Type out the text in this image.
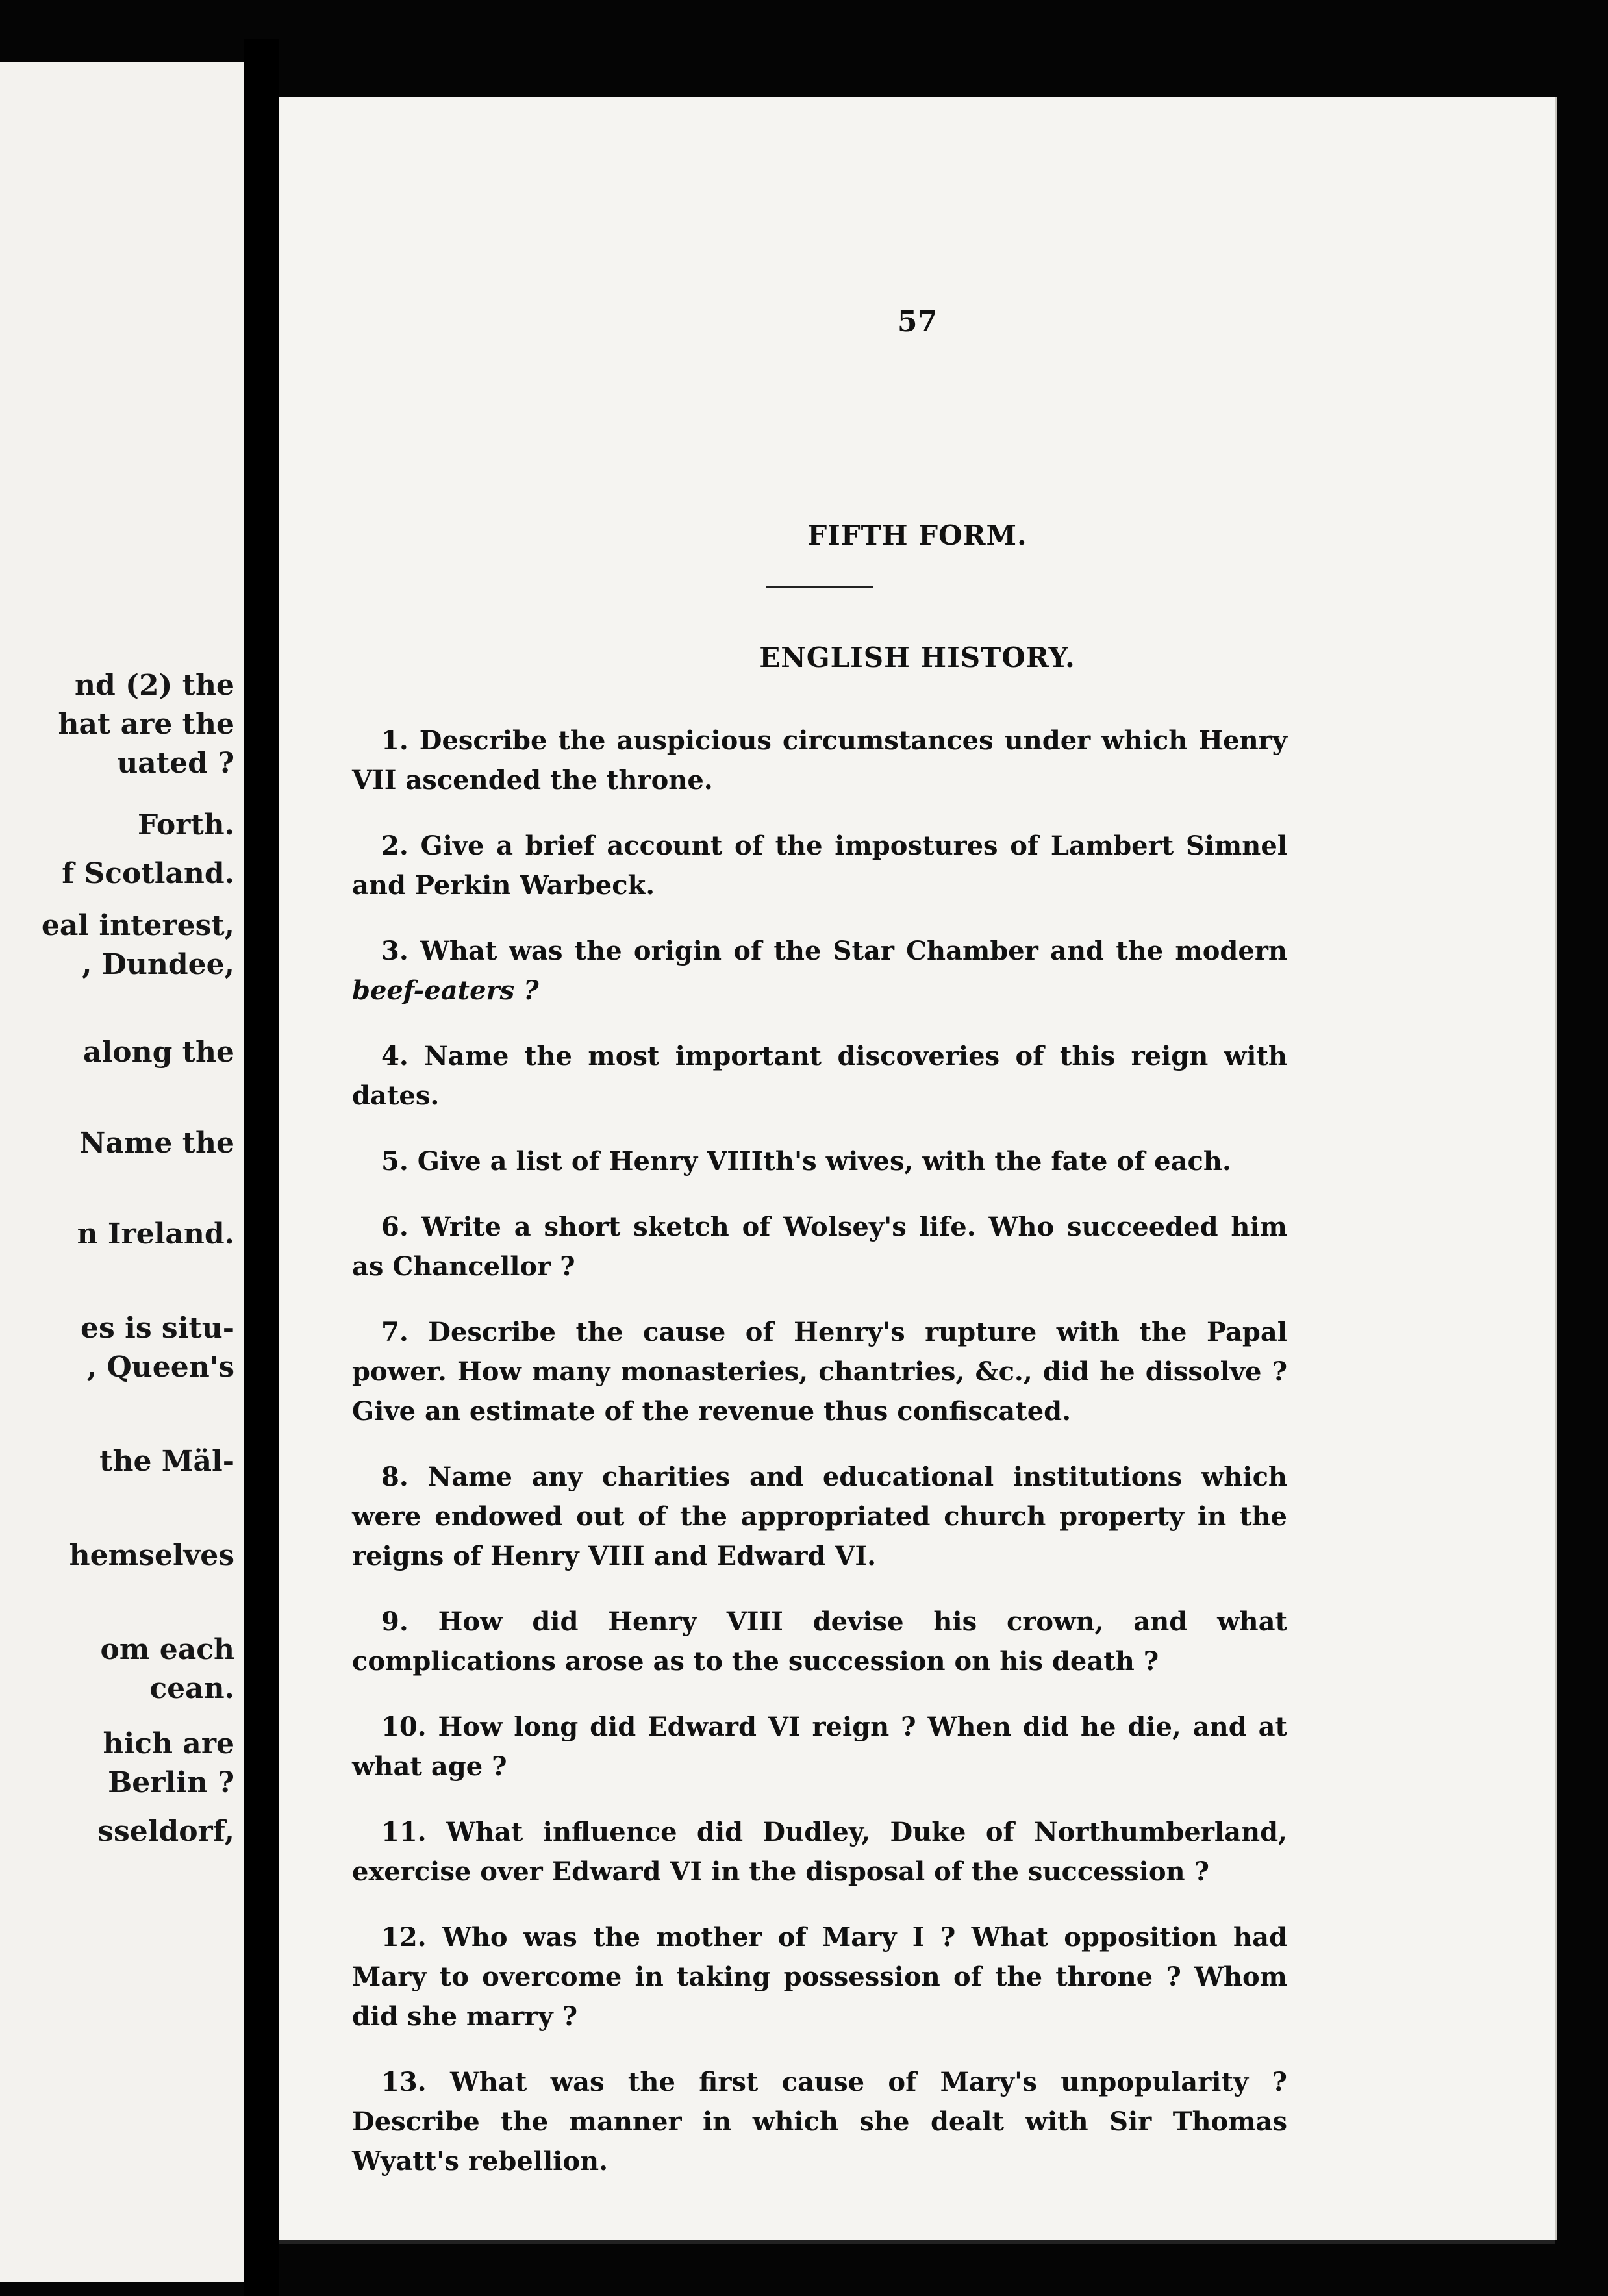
nd (2) the
hat are the
uated ?
Forth.
f Scotland.
eal interest,
, Dundee,
along the
Name the
n Ireland.
es is situ-
, Queen's
the Mäl-
hemselves
om each
cean.
hich are
Berlin ?
sseldorf,
57
FIFTH FORM.
ENGLISH HISTORY.

1. Describe the auspicious circumstances under which Henry VII ascended the throne.

2. Give a brief account of the impostures of Lambert Simnel and Perkin Warbeck.

3. What was the origin of the Star Chamber and the modern beef-eaters ?

4. Name the most important discoveries of this reign with dates.

5. Give a list of Henry VIIIth's wives, with the fate of each.

6. Write a short sketch of Wolsey's life. Who succeeded him as Chancellor ?

7. Describe the cause of Henry's rupture with the Papal power. How many monasteries, chantries, &c., did he dissolve ? Give an estimate of the revenue thus confiscated.

8. Name any charities and educational institutions which were endowed out of the appropriated church property in the reigns of Henry VIII and Edward VI.

9. How did Henry VIII devise his crown, and what complications arose as to the succession on his death ?

10. How long did Edward VI reign ? When did he die, and at what age ?

11. What influence did Dudley, Duke of Northumberland, exercise over Edward VI in the disposal of the succession ?

12. Who was the mother of Mary I ? What opposition had Mary to overcome in taking possession of the throne ? Whom did she marry ?

13. What was the first cause of Mary's unpopularity ? Describe the manner in which she dealt with Sir Thomas Wyatt's rebellion.
